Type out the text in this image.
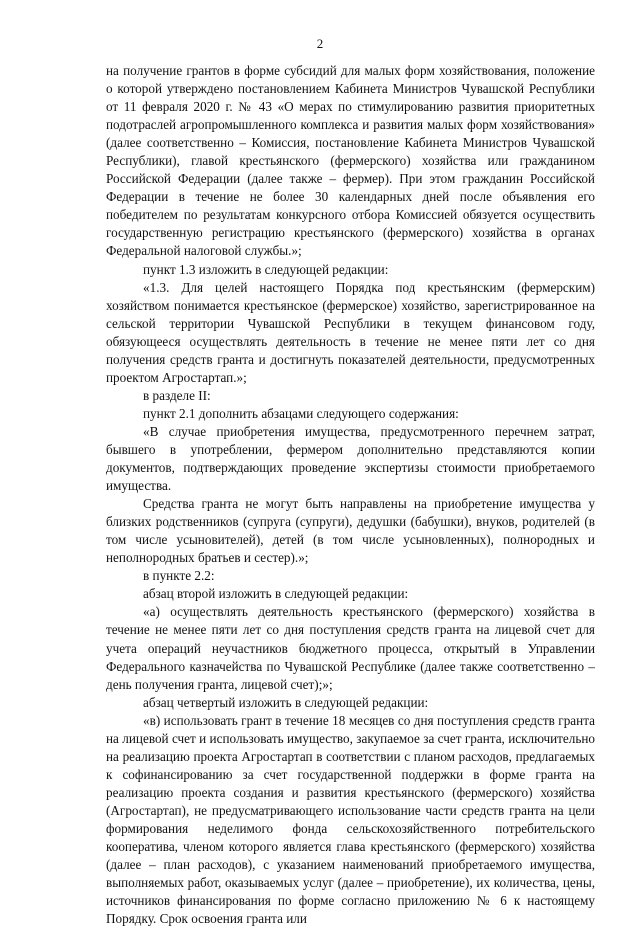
2

на получение грантов в форме субсидий для малых форм хозяйствования, положение о которой утверждено постановлением Кабинета Министров Чувашской Республики от 11 февраля 2020 г. № 43 «О мерах по стимулированию развития приоритетных подотраслей агропромышленного комплекса и развития малых форм хозяйствования» (далее соответственно – Комиссия, постановление Кабинета Министров Чувашской Республики), главой крестьянского (фермерского) хозяйства или гражданином Российской Федерации (далее также – фермер). При этом гражданин Российской Федерации в течение не более 30 календарных дней после объявления его победителем по результатам конкурсного отбора Комиссией обязуется осуществить государственную регистрацию крестьянского (фермерского) хозяйства в органах Федеральной налоговой службы.»;

пункт 1.3 изложить в следующей редакции:

«1.3. Для целей настоящего Порядка под крестьянским (фермерским) хозяйством понимается крестьянское (фермерское) хозяйство, зарегистрированное на сельской территории Чувашской Республики в текущем финансовом году, обязующееся осуществлять деятельность в течение не менее пяти лет со дня получения средств гранта и достигнуть показателей деятельности, предусмотренных проектом Агростартап.»;

в разделе II:

пункт 2.1 дополнить абзацами следующего содержания:

«В случае приобретения имущества, предусмотренного перечнем затрат, бывшего в употреблении, фермером дополнительно представляются копии документов, подтверждающих проведение экспертизы стоимости приобретаемого имущества.

Средства гранта не могут быть направлены на приобретение имущества у близких родственников (супруга (супруги), дедушки (бабушки), внуков, родителей (в том числе усыновителей), детей (в том числе усыновленных), полнородных и неполнородных братьев и сестер).»;

в пункте 2.2:

абзац второй изложить в следующей редакции:

«а) осуществлять деятельность крестьянского (фермерского) хозяйства в течение не менее пяти лет со дня поступления средств гранта на лицевой счет для учета операций неучастников бюджетного процесса, открытый в Управлении Федерального казначейства по Чувашской Республике (далее также соответственно – день получения гранта, лицевой счет);»;

абзац четвертый изложить в следующей редакции:

«в) использовать грант в течение 18 месяцев со дня поступления средств гранта на лицевой счет и использовать имущество, закупаемое за счет гранта, исключительно на реализацию проекта Агростартап в соответствии с планом расходов, предлагаемых к софинансированию за счет государственной поддержки в форме гранта на реализацию проекта создания и развития крестьянского (фермерского) хозяйства (Агростартап), не предусматривающего использование части средств гранта на цели формирования неделимого фонда сельскохозяйственного потребительского кооператива, членом которого является глава крестьянского (фермерского) хозяйства (далее – план расходов), с указанием наименований приобретаемого имущества, выполняемых работ, оказываемых услуг (далее – приобретение), их количества, цены, источников финансирования по форме согласно приложению № 6 к настоящему Порядку. Срок освоения гранта или
